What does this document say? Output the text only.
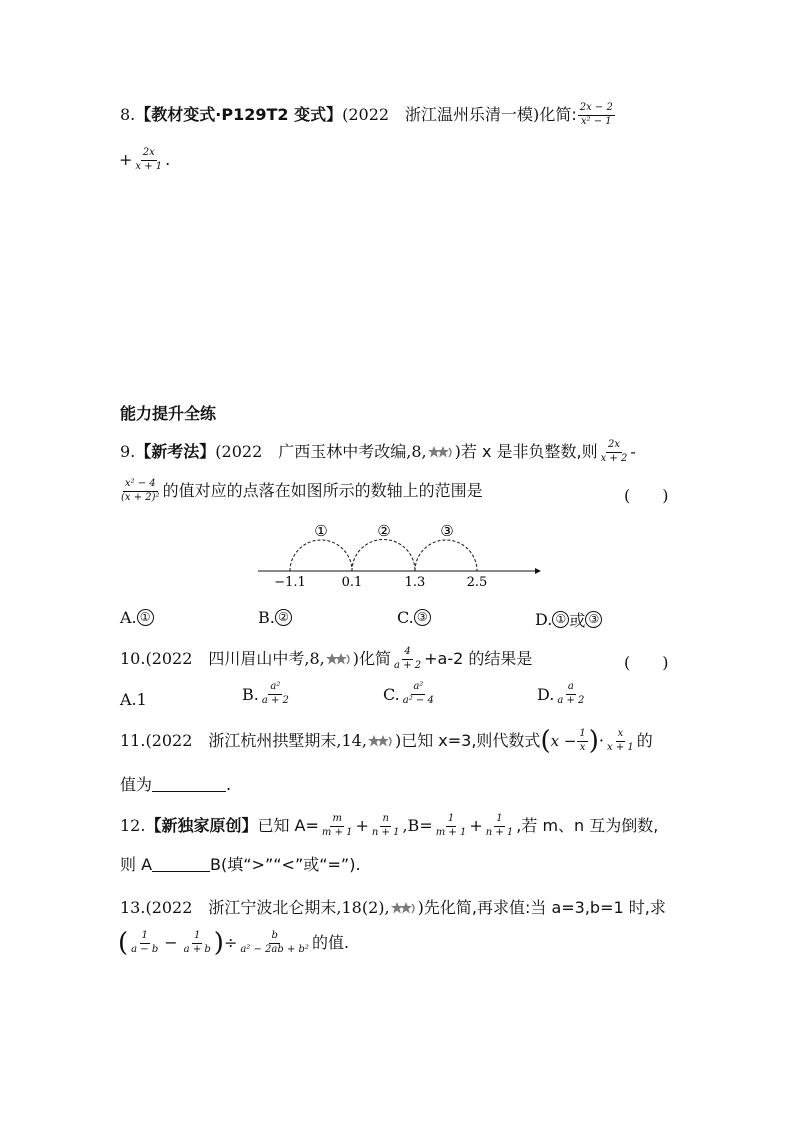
8. 【教材变式·P129T2 变式】 (2022　浙江温州乐清一模) 化简: $\frac{2x - 2}{\text{x² − 1}}$
+ $\frac{2x}{x + 1}$ .
能力提升全练
9. 【新考法】 (2022　广西玉林中考改编,8, ) 若 x 是非负整数,则 $\frac{2x}{x + 2}$ -
$\frac{\text{x² − 4}}{\text{(x + 2)²}}$ 的值对应的点落在如图所示的数轴上的范围是	(　　)
①	②	③
−1.1	0.1	1.3	2.5
A. ①	B. ②	C. ③	D. ① 或 ③
10. (2022　四川眉山中考,8, ) 化简 $\frac{4}{a + 2} +a-2$ 的结果是	(　　)
A.1	B. $\frac{\text{a²}}{a + 2}$	C. $\frac{\text{a²}}{\text{a² − 4}}$	D. $\frac{a}{a + 2}$
11. (2022　浙江杭州拱墅期末,14, ) 已知 x=3,则代数式 ( $x - \frac{1}{x}$ ) · $\frac{x}{x + 1}$ 的
值为	.
12. 【新独家原创】 已知 $A= \frac{m}{m + 1} + \frac{n}{n + 1} ,B= \frac{1}{m + 1} + \frac{1}{n + 1}$ ,若 m、n 互为倒数,
则 A	B(填“>”“<”或“=”).
13. (2022　浙江宁波北仑期末,18(2), ) 先化简,再求值:当 a=3,b=1 时,求
( $\frac{1}{a - b} - \frac{1}{a + b}$ ) ÷ $\frac{b}{\text{a² − 2ab + b²}}$ 的值.
